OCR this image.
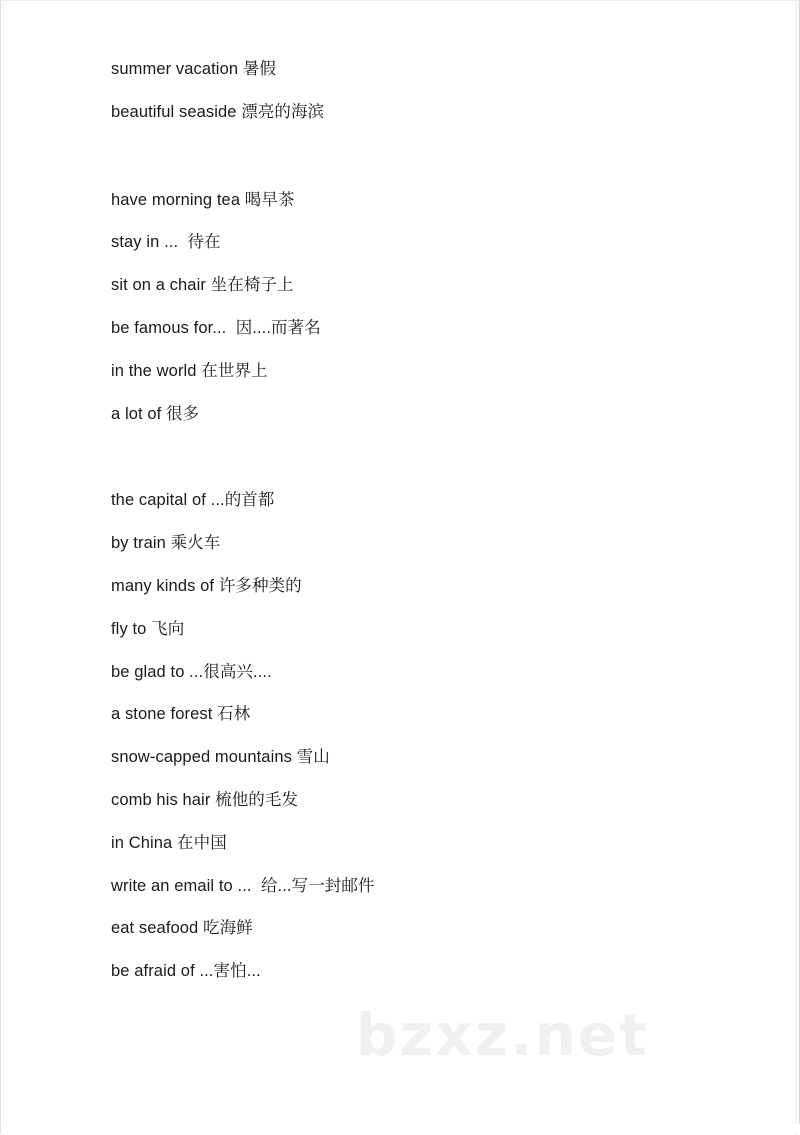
summer vacation 暑假

beautiful seaside 漂亮的海滨

have morning tea 喝早茶

stay in ...  待在

sit on a chair 坐在椅子上

be famous for...  因....而著名

in the world 在世界上

a lot of 很多

the capital of ...的首都

by train 乘火车

many kinds of 许多种类的

fly to 飞向

be glad to ...很高兴....

a stone forest 石林

snow-capped mountains 雪山

comb his hair 梳他的毛发

in China 在中国

write an email to ...  给...写一封邮件

eat seafood 吃海鲜

be afraid of ...害怕...

bzxz.net
